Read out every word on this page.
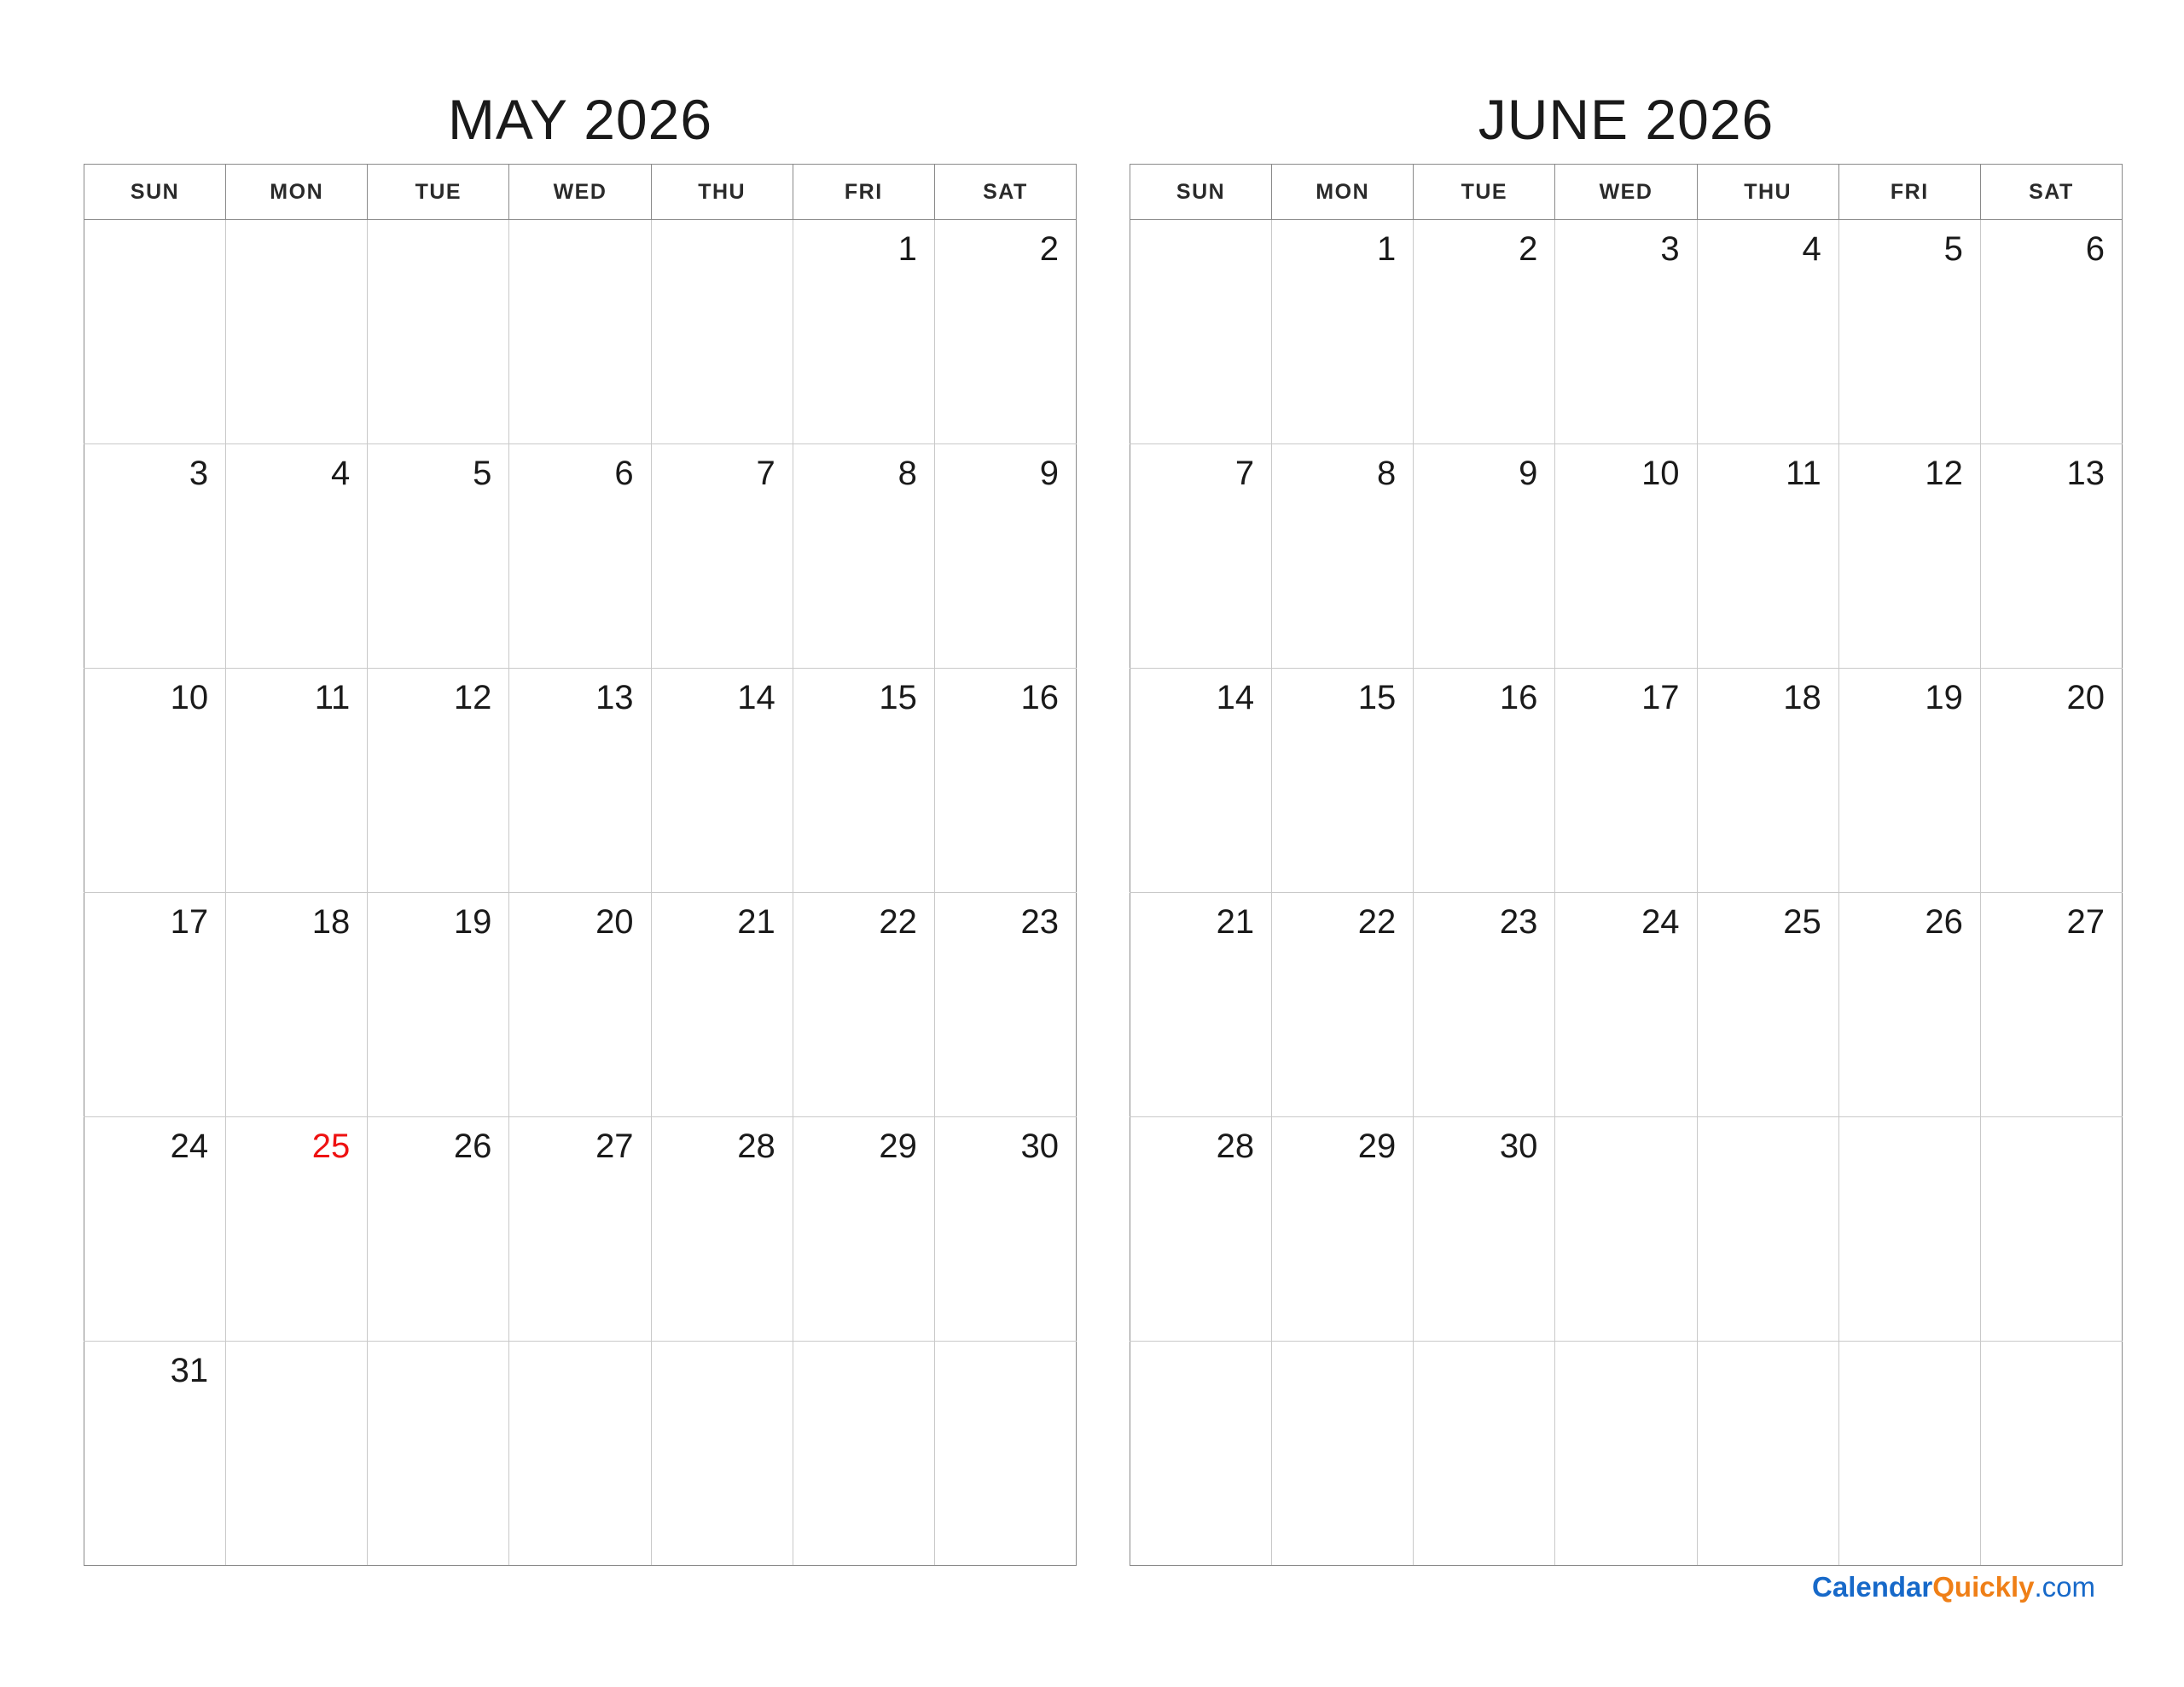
MAY 2026
SUN	MON	TUE	WED	THU	FRI	SAT
					1	2
3	4	5	6	7	8	9
10	11	12	13	14	15	16
17	18	19	20	21	22	23
24	25	26	27	28	29	30
31						
JUNE 2026
SUN	MON	TUE	WED	THU	FRI	SAT
	1	2	3	4	5	6
7	8	9	10	11	12	13
14	15	16	17	18	19	20
21	22	23	24	25	26	27
28	29	30				

CalendarQuickly.com
